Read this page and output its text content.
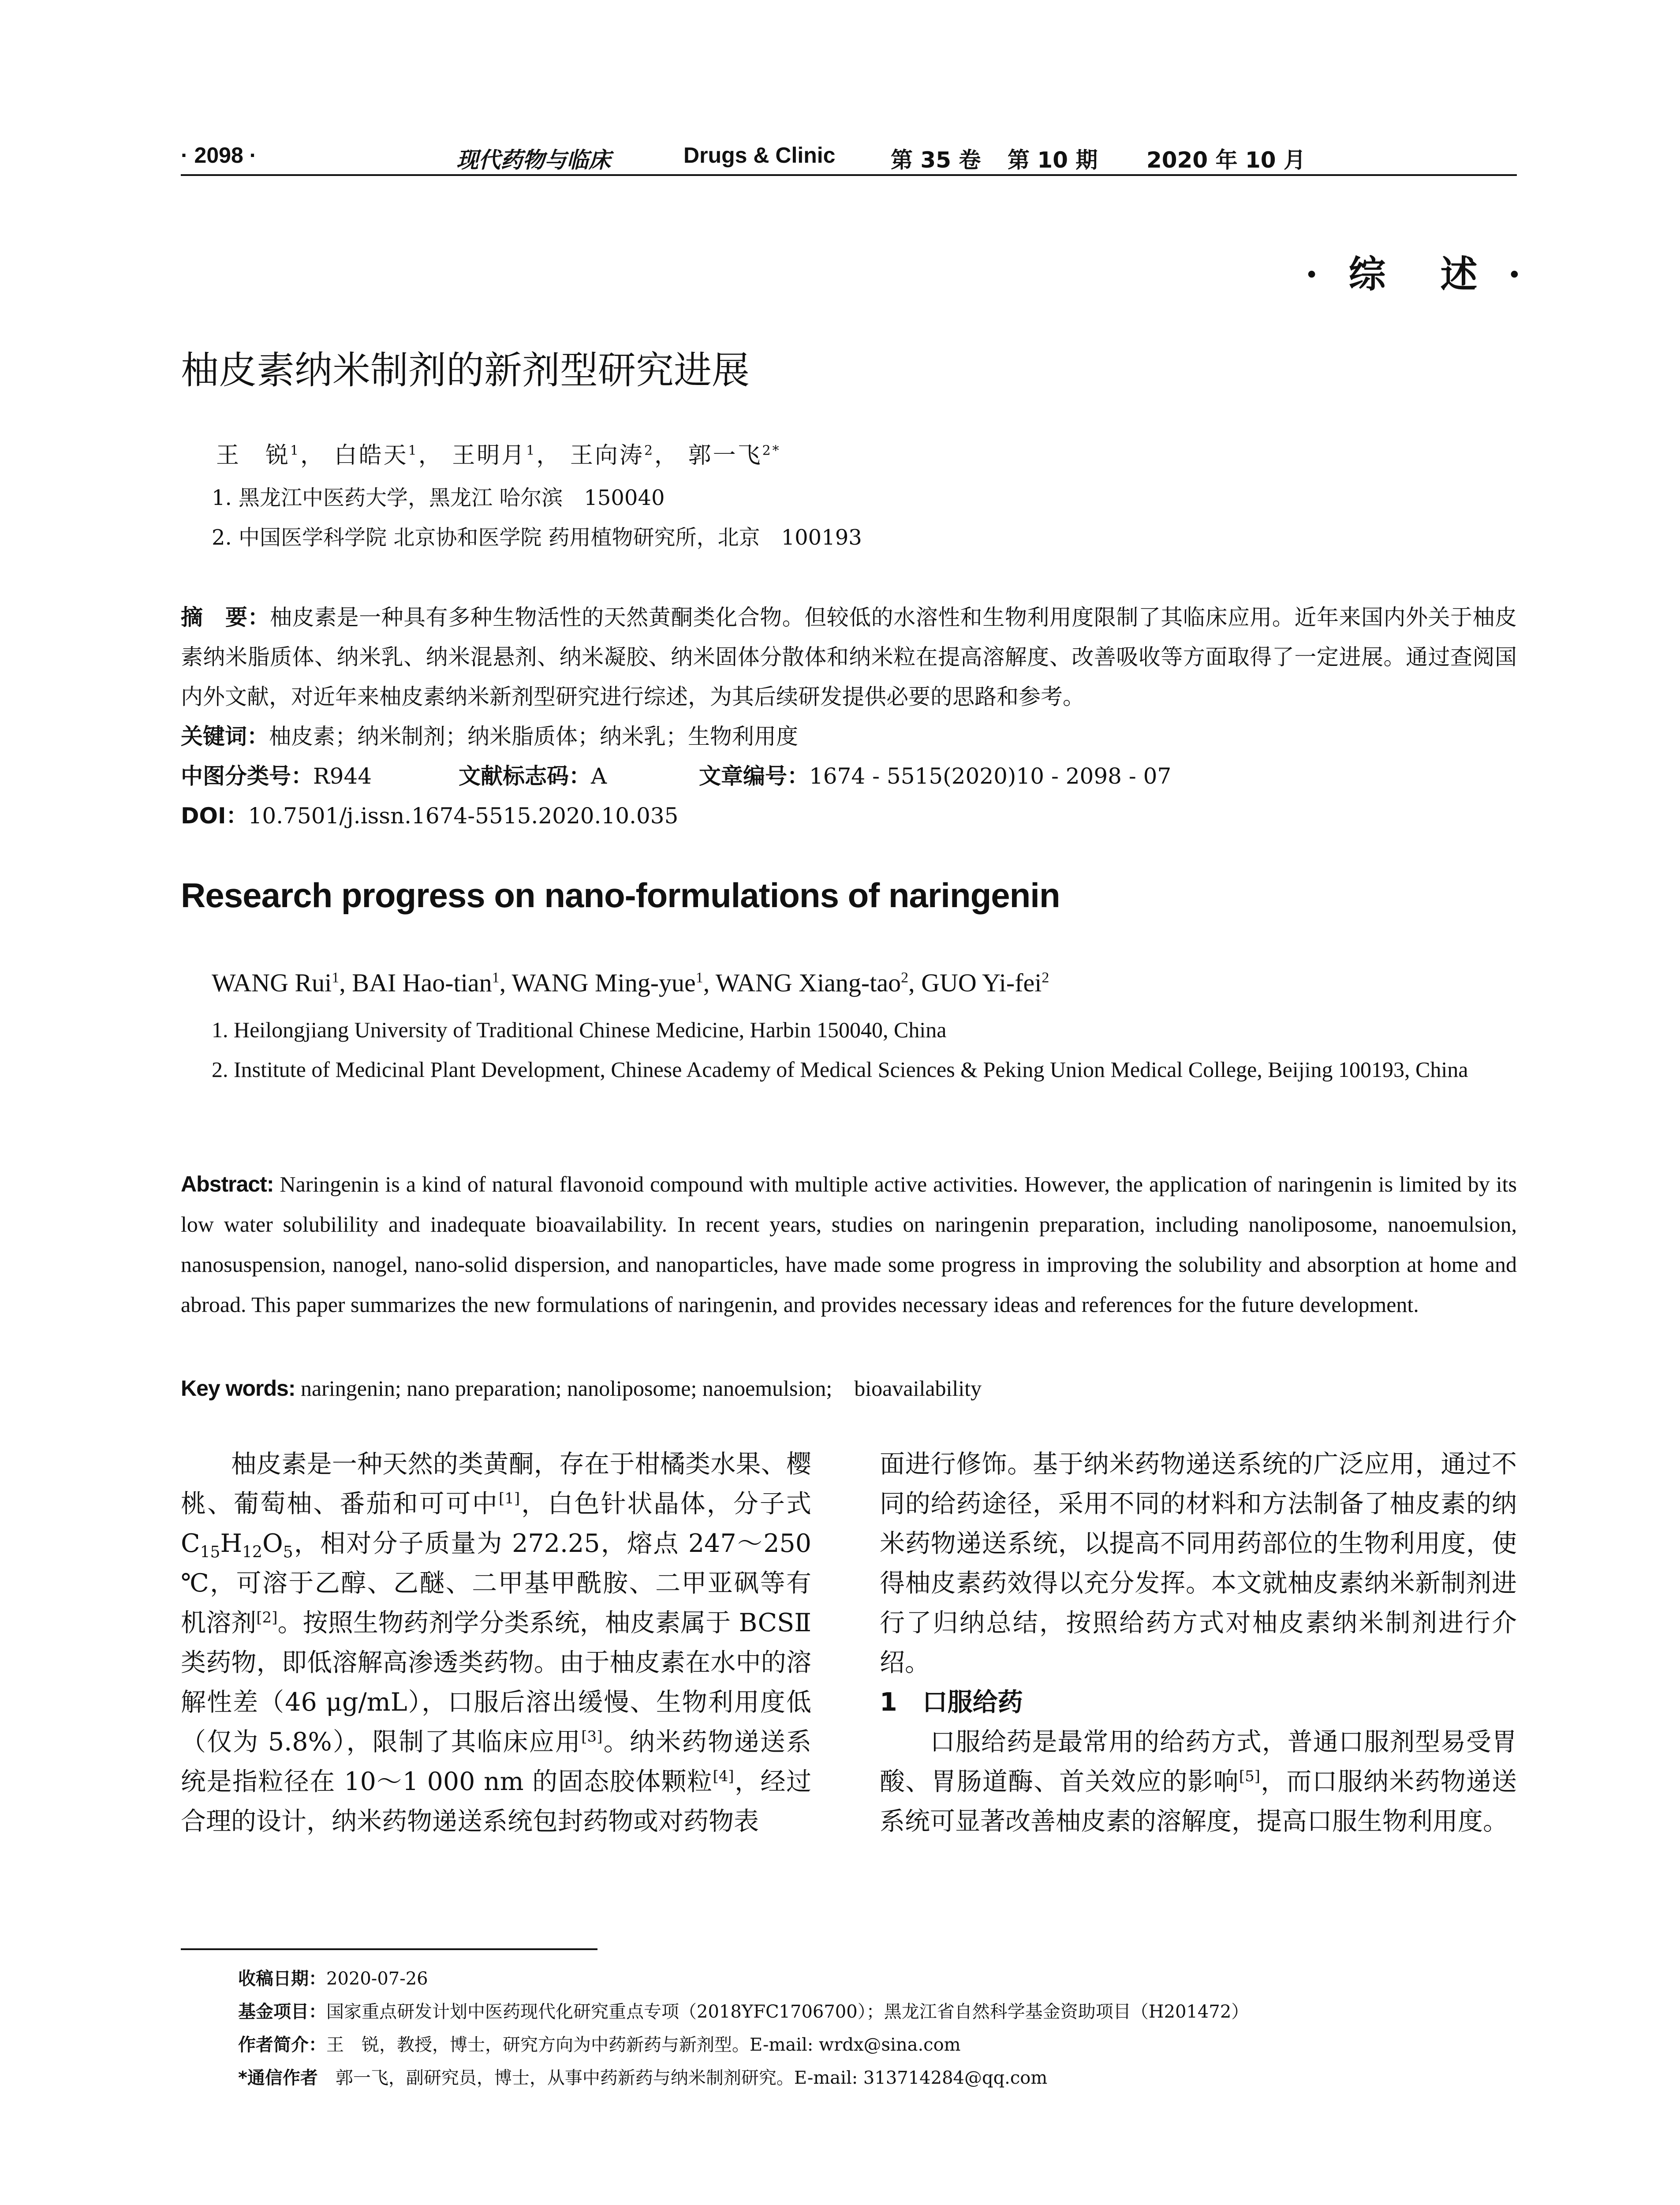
· 2098 ·	现代药物与临床	Drugs & Clinic	第 35 卷 第 10 期 2020 年 10 月
· 综　述 ·
柚皮素纳米制剂的新剂型研究进展
王　锐$^1$， 白皓天$^1$， 王明月$^1$， 王向涛$^2$， 郭一飞$^{2*}$
1. 黑龙江中医药大学，黑龙江 哈尔滨　150040
2. 中国医学科学院 北京协和医学院 药用植物研究所，北京　100193
摘　要：柚皮素是一种具有多种生物活性的天然黄酮类化合物。但较低的水溶性和生物利用度限制了其临床应用。近年来国内外关于柚皮素纳米脂质体、纳米乳、纳米混悬剂、纳米凝胶、纳米固体分散体和纳米粒在提高溶解度、改善吸收等方面取得了一定进展。通过查阅国内外文献，对近年来柚皮素纳米新剂型研究进行综述，为其后续研发提供必要的思路和参考。
关键词：柚皮素；纳米制剂；纳米脂质体；纳米乳；生物利用度
中图分类号：R944	文献标志码：A	文章编号：1674 - 5515(2020)10 - 2098 - 07
DOI：10.7501/j.issn.1674-5515.2020.10.035
Research progress on nano-formulations of naringenin
WANG Rui$^1$, BAI Hao-tian$^1$, WANG Ming-yue$^1$, WANG Xiang-tao$^2$, GUO Yi-fei$^2$
1. Heilongjiang University of Traditional Chinese Medicine, Harbin 150040, China
2. Institute of Medicinal Plant Development, Chinese Academy of Medical Sciences & Peking Union Medical College, Beijing 100193, China
Abstract: Naringenin is a kind of natural flavonoid compound with multiple active activities. However, the application of naringenin is limited by its low water solubilility and inadequate bioavailability. In recent years, studies on naringenin preparation, including nanoliposome, nanoemulsion, nanosuspension, nanogel, nano-solid dispersion, and nanoparticles, have made some progress in improving the solubility and absorption at home and abroad. This paper summarizes the new formulations of naringenin, and provides necessary ideas and references for the future development.
Key words: naringenin; nano preparation; nanoliposome; nanoemulsion;　bioavailability

柚皮素是一种天然的类黄酮，存在于柑橘类水果、樱桃、葡萄柚、番茄和可可中[1]，白色针状晶体，分子式 $C_{15}H_{12}O_5$，相对分子质量为 272.25，熔点 247～250 ℃，可溶于乙醇、乙醚、二甲基甲酰胺、二甲亚砜等有机溶剂[2]。按照生物药剂学分类系统，柚皮素属于 BCSⅡ类药物，即低溶解高渗透类药物。由于柚皮素在水中的溶解性差（46 μg/mL），口服后溶出缓慢、生物利用度低（仅为 5.8%），限制了其临床应用[3]。纳米药物递送系统是指粒径在 10～1 000 nm 的固态胶体颗粒[4]，经过合理的设计，纳米药物递送系统包封药物或对药物表

面进行修饰。基于纳米药物递送系统的广泛应用，通过不同的给药途径，采用不同的材料和方法制备了柚皮素的纳米药物递送系统，以提高不同用药部位的生物利用度，使得柚皮素药效得以充分发挥。本文就柚皮素纳米新制剂进行了归纳总结，按照给药方式对柚皮素纳米制剂进行介绍。

1　口服给药

口服给药是最常用的给药方式，普通口服剂型易受胃酸、胃肠道酶、首关效应的影响[5]，而口服纳米药物递送系统可显著改善柚皮素的溶解度，提高口服生物利用度。

收稿日期：2020-07-26
基金项目：国家重点研发计划中医药现代化研究重点专项（2018YFC1706700）；黑龙江省自然科学基金资助项目（H201472）
作者简介：王　锐，教授，博士，研究方向为中药新药与新剂型。E-mail: wrdx@sina.com
*通信作者　 郭一飞，副研究员，博士，从事中药新药与纳米制剂研究。E-mail: 313714284@qq.com
